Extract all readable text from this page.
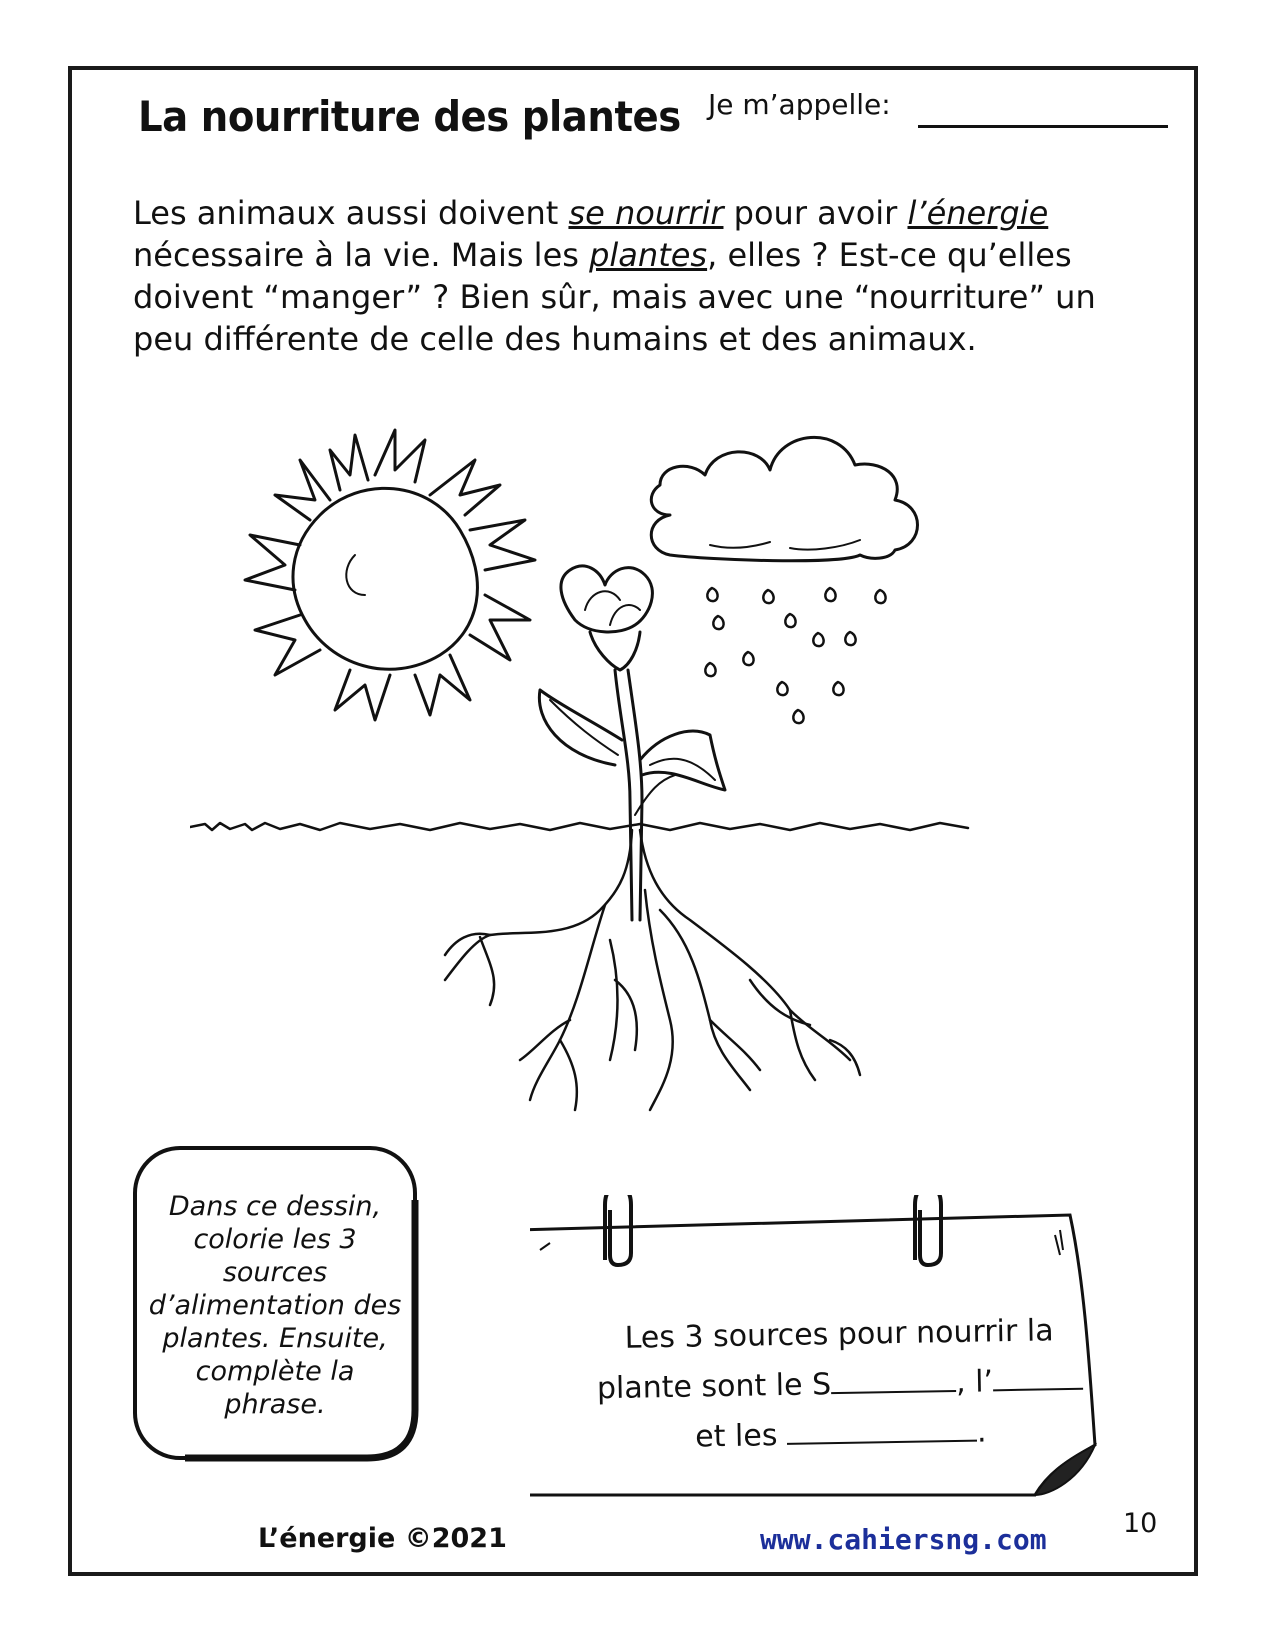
La nourriture des plantes Je m’appelle:
Les animaux aussi doivent se nourrir pour avoir l’énergie nécessaire à la vie. Mais les plantes, elles ? Est-ce qu’elles doivent “manger” ? Bien sûr, mais avec une “nourriture” un peu différente de celle des humains et des animaux.
Dans ce dessin, colorie les 3 sources d’alimentation des plantes. Ensuite, complète la phrase.
Les 3 sources pour nourrir la
plante sont le S	, l’
et les	.
L’énergie ©2021	www.cahiersng.com	10
